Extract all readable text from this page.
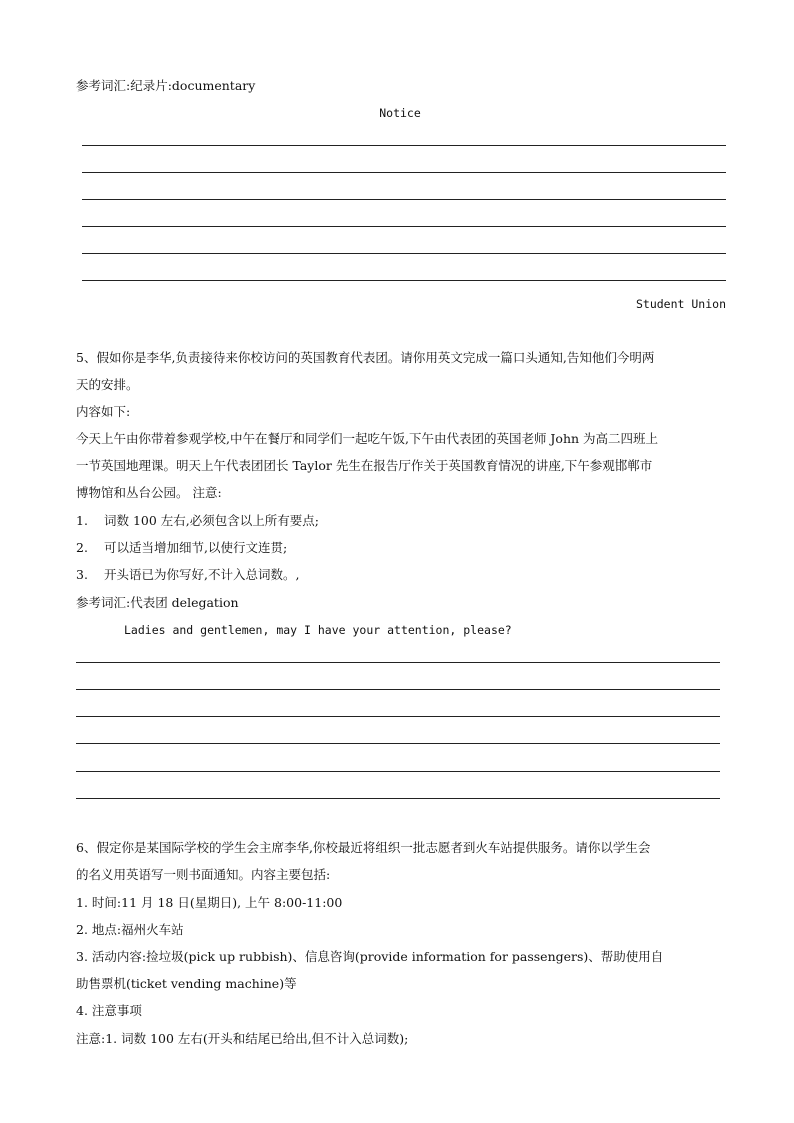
参考词汇:纪录片:documentary
Notice
Student Union
5、假如你是李华,负责接待来你校访问的英国教育代表团。请你用英文完成一篇口头通知,告知他们今明两
天的安排。
内容如下:
今天上午由你带着参观学校,中午在餐厅和同学们一起吃午饭,下午由代表团的英国老师 John 为高二四班上
一节英国地理课。明天上午代表团团长 Taylor 先生在报告厅作关于英国教育情况的讲座,下午参观邯郸市
博物馆和丛台公园。 注意:
1. 词数 100 左右,必须包含以上所有要点;
2. 可以适当增加细节,以使行文连贯;
3. 开头语已为你写好,不计入总词数。,
参考词汇:代表团 delegation
Ladies and gentlemen, may I have your attention, please?
6、假定你是某国际学校的学生会主席李华,你校最近将组织一批志愿者到火车站提供服务。请你以学生会
的名义用英语写一则书面通知。内容主要包括:
1. 时间:11 月 18 日(星期日), 上午 8:00-11:00
2. 地点:福州火车站
3. 活动内容:捡垃圾(pick up rubbish)、信息咨询(provide information for passengers)、帮助使用自
助售票机(ticket vending machine)等
4. 注意事项
注意:1. 词数 100 左右(开头和结尾已给出,但不计入总词数);
